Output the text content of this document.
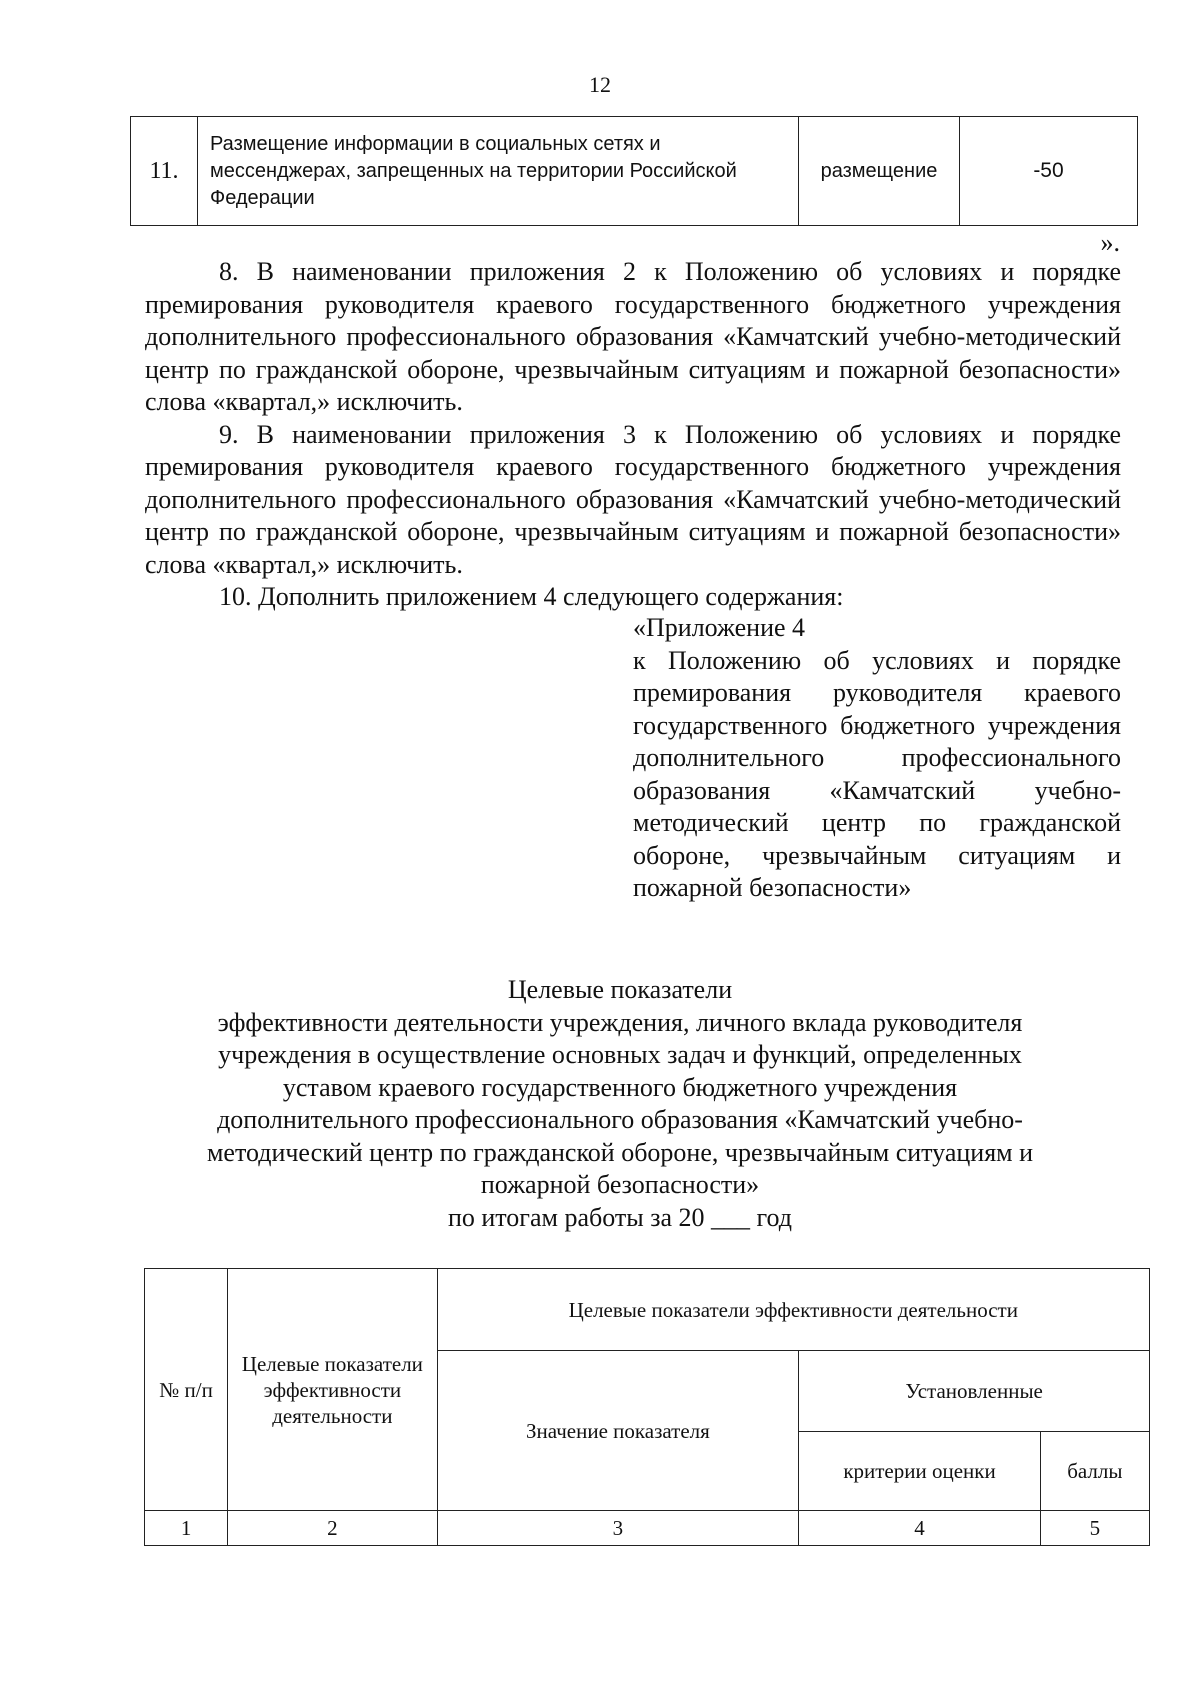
12
11.	Размещение информации в социальных сетях и мессенджерах, запрещенных на территории Российской Федерации	размещение	-50
».

8. В наименовании приложения 2 к Положению об условиях и порядке премирования руководителя краевого государственного бюджетного учреждения дополнительного профессионального образования «Камчатский учебно-методический центр по гражданской обороне, чрезвычайным ситуациям и пожарной безопасности» слова «квартал,» исключить.

9. В наименовании приложения 3 к Положению об условиях и порядке премирования руководителя краевого государственного бюджетного учреждения дополнительного профессионального образования «Камчатский учебно-методический центр по гражданской обороне, чрезвычайным ситуациям и пожарной безопасности» слова «квартал,» исключить.

10. Дополнить приложением 4 следующего содержания:

«Приложение 4

к Положению об условиях и порядке премирования руководителя краевого государственного бюджетного учреждения дополнительного профессионального образования «Камчатский учебно-методический центр по гражданской обороне, чрезвычайным ситуациям и пожарной безопасности»

Целевые показатели
эффективности деятельности учреждения, личного вклада руководителя
учреждения в осуществление основных задач и функций, определенных
уставом краевого государственного бюджетного учреждения
дополнительного профессионального образования «Камчатский учебно-
методический центр по гражданской обороне, чрезвычайным ситуациям и
пожарной безопасности»
по итогам работы за 20 ___ год
№ п/п	Целевые показатели эффективности деятельности	Целевые показатели эффективности деятельности		
		Значение показателя	Установленные	
			критерии оценки	баллы
1	2	3	4	5
